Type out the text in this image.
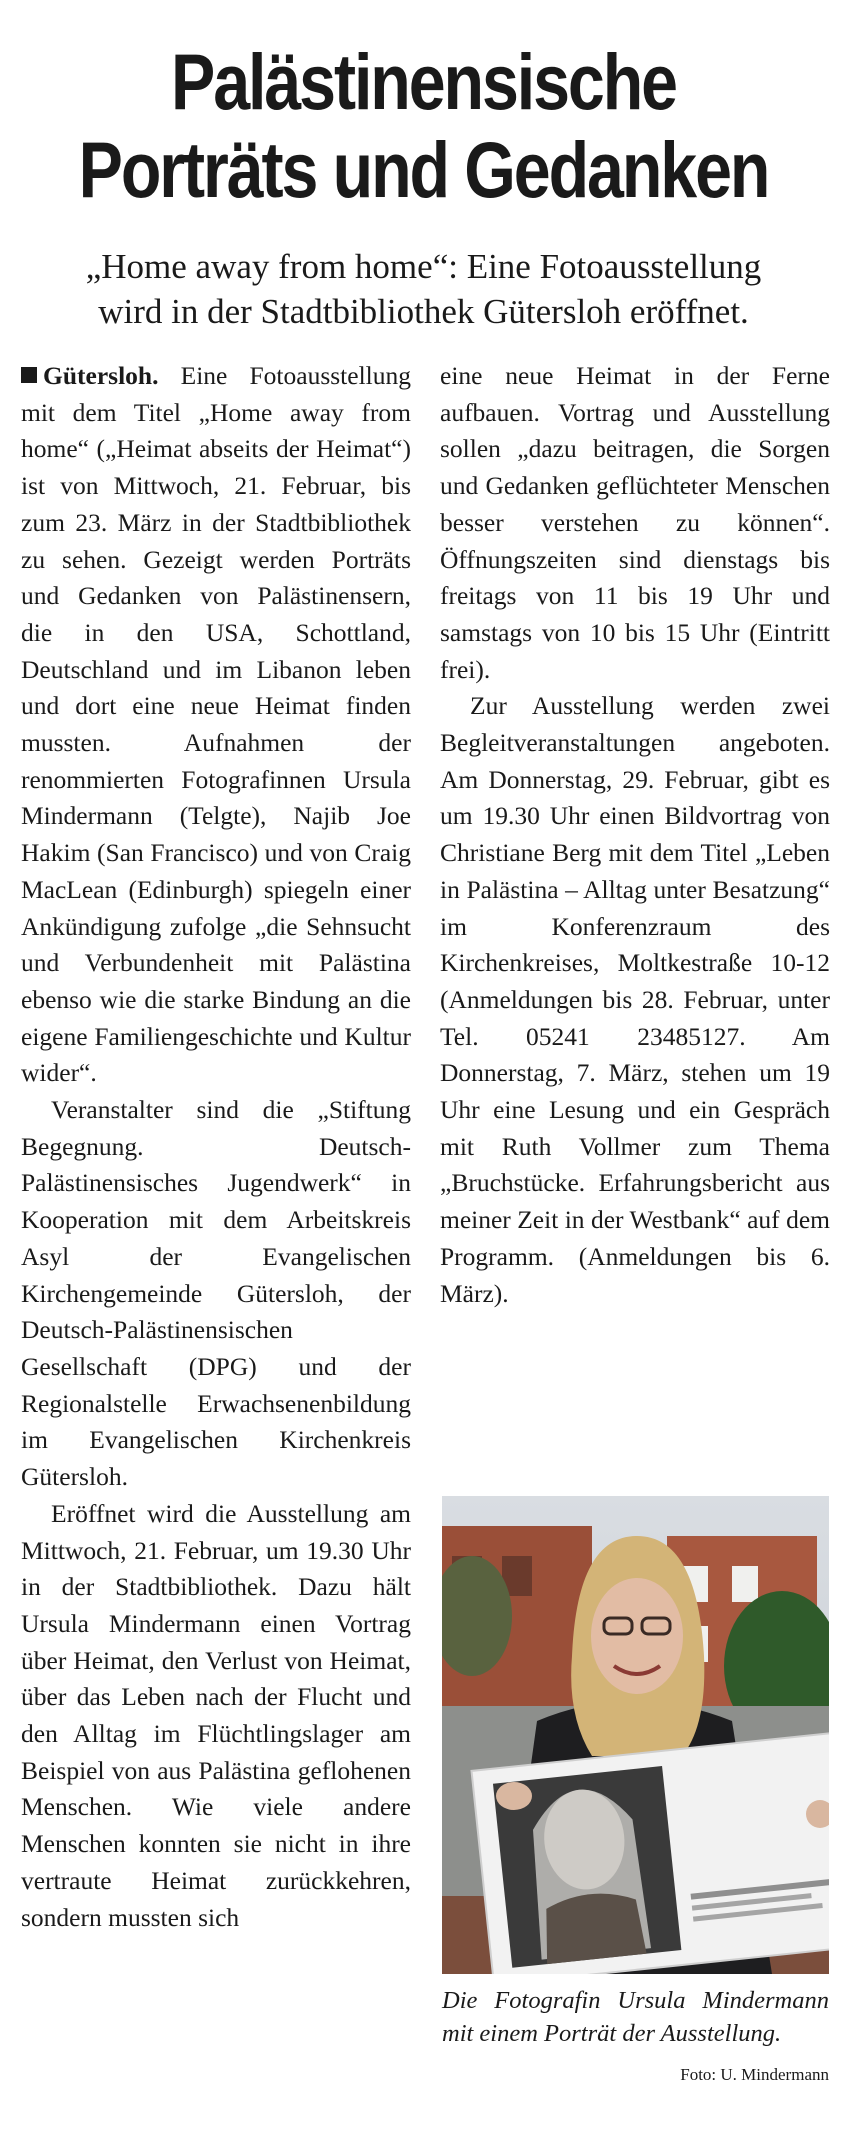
Palästinensische
Porträts und Gedanken
„Home away from home“: Eine Fotoausstellung
wird in der Stadtbibliothek Gütersloh eröffnet.

Gütersloh. Eine Fotoausstellung mit dem Titel „Home away from home“ („Heimat abseits der Heimat“) ist von Mittwoch, 21. Februar, bis zum 23. März in der Stadtbibliothek zu sehen. Gezeigt werden Porträts und Gedanken von Palästinensern, die in den USA, Schottland, Deutschland und im Libanon leben und dort eine neue Heimat finden mussten. Aufnahmen der renommierten Fotografinnen Ursula Mindermann (Telgte), Najib Joe Hakim (San Francisco) und von Craig MacLean (Edinburgh) spiegeln einer Ankündigung zufolge „die Sehnsucht und Verbundenheit mit Palästina ebenso wie die starke Bindung an die eigene Familiengeschichte und Kultur wider“.

Veranstalter sind die „Stiftung Begegnung. Deutsch-Palästinensisches Jugendwerk“ in Kooperation mit dem Arbeitskreis Asyl der Evangelischen Kirchengemeinde Gütersloh, der Deutsch-Palästinensischen Gesellschaft (DPG) und der Regionalstelle Erwachsenenbildung im Evangelischen Kirchenkreis Gütersloh.

Eröffnet wird die Ausstellung am Mittwoch, 21. Februar, um 19.30 Uhr in der Stadtbibliothek. Dazu hält Ursula Mindermann einen Vortrag über Heimat, den Verlust von Heimat, über das Leben nach der Flucht und den Alltag im Flüchtlingslager am Beispiel von aus Palästina geflohenen Menschen. Wie viele andere Menschen konnten sie nicht in ihre vertraute Heimat zurückkehren, sondern mussten sich

eine neue Heimat in der Ferne aufbauen. Vortrag und Ausstellung sollen „dazu beitragen, die Sorgen und Gedanken geflüchteter Menschen besser verstehen zu können“. Öffnungszeiten sind dienstags bis freitags von 11 bis 19 Uhr und samstags von 10 bis 15 Uhr (Eintritt frei).

Zur Ausstellung werden zwei Begleitveranstaltungen angeboten. Am Donnerstag, 29. Februar, gibt es um 19.30 Uhr einen Bildvortrag von Christiane Berg mit dem Titel „Leben in Palästina – Alltag unter Besatzung“ im Konferenzraum des Kirchenkreises, Moltkestraße 10-12 (Anmeldungen bis 28. Februar, unter Tel. 05241 23485127. Am Donnerstag, 7. März, stehen um 19 Uhr eine Lesung und ein Gespräch mit Ruth Vollmer zum Thema „Bruchstücke. Erfahrungsbericht aus meiner Zeit in der Westbank“ auf dem Programm. (Anmeldungen bis 6. März).

Die Fotografin Ursula Mindermann mit einem Porträt der Ausstellung.
Foto: U. Mindermann
